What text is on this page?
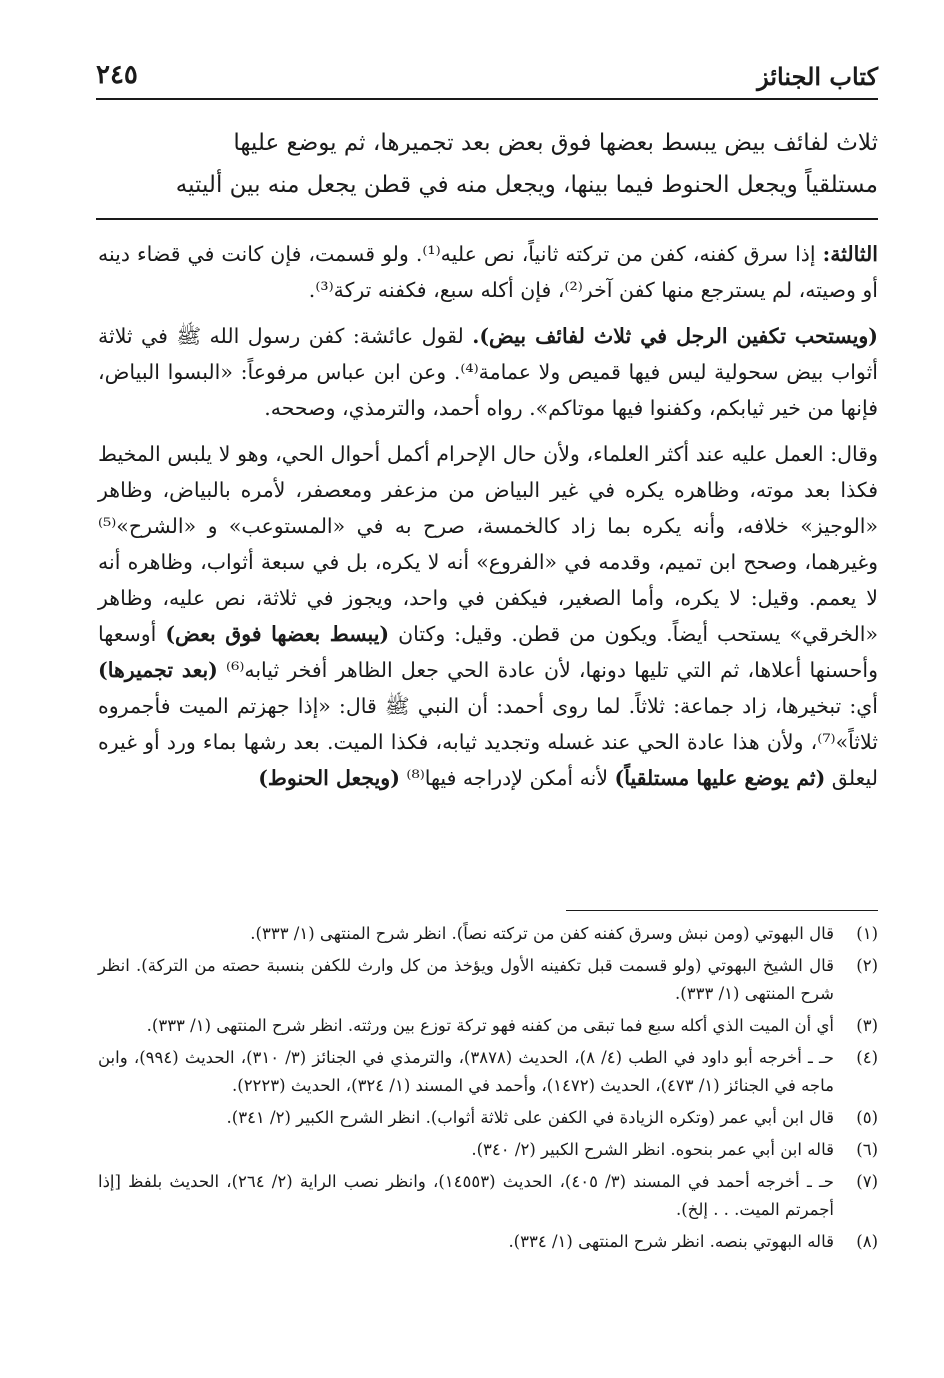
كتاب الجنائز
٢٤٥

ثلاث لفائف بيض يبسط بعضها فوق بعض بعد تجميرها، ثم يوضع عليها

مستلقياً ويجعل الحنوط فيما بينها، ويجعل منه في قطن يجعل منه بين أليتيه

الثالثة: إذا سرق كفنه، كفن من تركته ثانياً، نص عليه⁽¹⁾. ولو قسمت، فإن كانت في قضاء دينه أو وصيته، لم يسترجع منها كفن آخر⁽²⁾، فإن أكله سبع، فكفنه تركة⁽³⁾.

(ويستحب تكفين الرجل في ثلاث لفائف بيض). لقول عائشة: كفن رسول الله ﷺ في ثلاثة أثواب بيض سحولية ليس فيها قميص ولا عمامة⁽⁴⁾. وعن ابن عباس مرفوعاً: «البسوا البياض، فإنها من خير ثيابكم، وكفنوا فيها موتاكم». رواه أحمد، والترمذي، وصححه.

وقال: العمل عليه عند أكثر العلماء، ولأن حال الإحرام أكمل أحوال الحي، وهو لا يلبس المخيط فكذا بعد موته، وظاهره يكره في غير البياض من مزعفر ومعصفر، لأمره بالبياض، وظاهر «الوجيز» خلافه، وأنه يكره بما زاد كالخمسة، صرح به في «المستوعب» و «الشرح»⁽⁵⁾ وغيرهما، وصحح ابن تميم، وقدمه في «الفروع» أنه لا يكره، بل في سبعة أثواب، وظاهره أنه لا يعمم. وقيل: لا يكره، وأما الصغير، فيكفن في واحد، ويجوز في ثلاثة، نص عليه، وظاهر «الخرقي» يستحب أيضاً. ويكون من قطن. وقيل: وكتان (يبسط بعضها فوق بعض) أوسعها وأحسنها أعلاها، ثم التي تليها دونها، لأن عادة الحي جعل الظاهر أفخر ثيابه⁽⁶⁾ (بعد تجميرها) أي: تبخيرها، زاد جماعة: ثلاثاً. لما روى أحمد: أن النبي ﷺ قال: «إذا جهزتم الميت فأجمروه ثلاثاً»⁽⁷⁾، ولأن هذا عادة الحي عند غسله وتجديد ثيابه، فكذا الميت. بعد رشها بماء ورد أو غيره ليعلق (ثم يوضع عليها مستلقياً) لأنه أمكن لإدراجه فيها⁽⁸⁾ (ويجعل الحنوط)

(١)
قال البهوتي (ومن نبش وسرق كفنه كفن من تركته نصاً). انظر شرح المنتهى (١/ ٣٣٣).
(٢)
قال الشيخ البهوتي (ولو قسمت قبل تكفينه الأول ويؤخذ من كل وارث للكفن بنسبة حصته من التركة). انظر شرح المنتهى (١/ ٣٣٣).
(٣)
أي أن الميت الذي أكله سبع فما تبقى من كفنه فهو تركة توزع بين ورثته. انظر شرح المنتهى (١/ ٣٣٣).
(٤)
حـ ـ أخرجه أبو داود في الطب (٤/ ٨)، الحديث (٣٨٧٨)، والترمذي في الجنائز (٣/ ٣١٠)، الحديث (٩٩٤)، وابن ماجه في الجنائز (١/ ٤٧٣)، الحديث (١٤٧٢)، وأحمد في المسند (١/ ٣٢٤)، الحديث (٢٢٢٣).
(٥)
قال ابن أبي عمر (وتكره الزيادة في الكفن على ثلاثة أثواب). انظر الشرح الكبير (٢/ ٣٤١).
(٦)
قاله ابن أبي عمر بنحوه. انظر الشرح الكبير (٢/ ٣٤٠).
(٧)
حـ ـ أخرجه أحمد في المسند (٣/ ٤٠٥)، الحديث (١٤٥٥٣)، وانظر نصب الراية (٢/ ٢٦٤)، الحديث بلفظ [إذا أجمرتم الميت. . . إلخ).
(٨)
قاله البهوتي بنصه. انظر شرح المنتهى (١/ ٣٣٤).
